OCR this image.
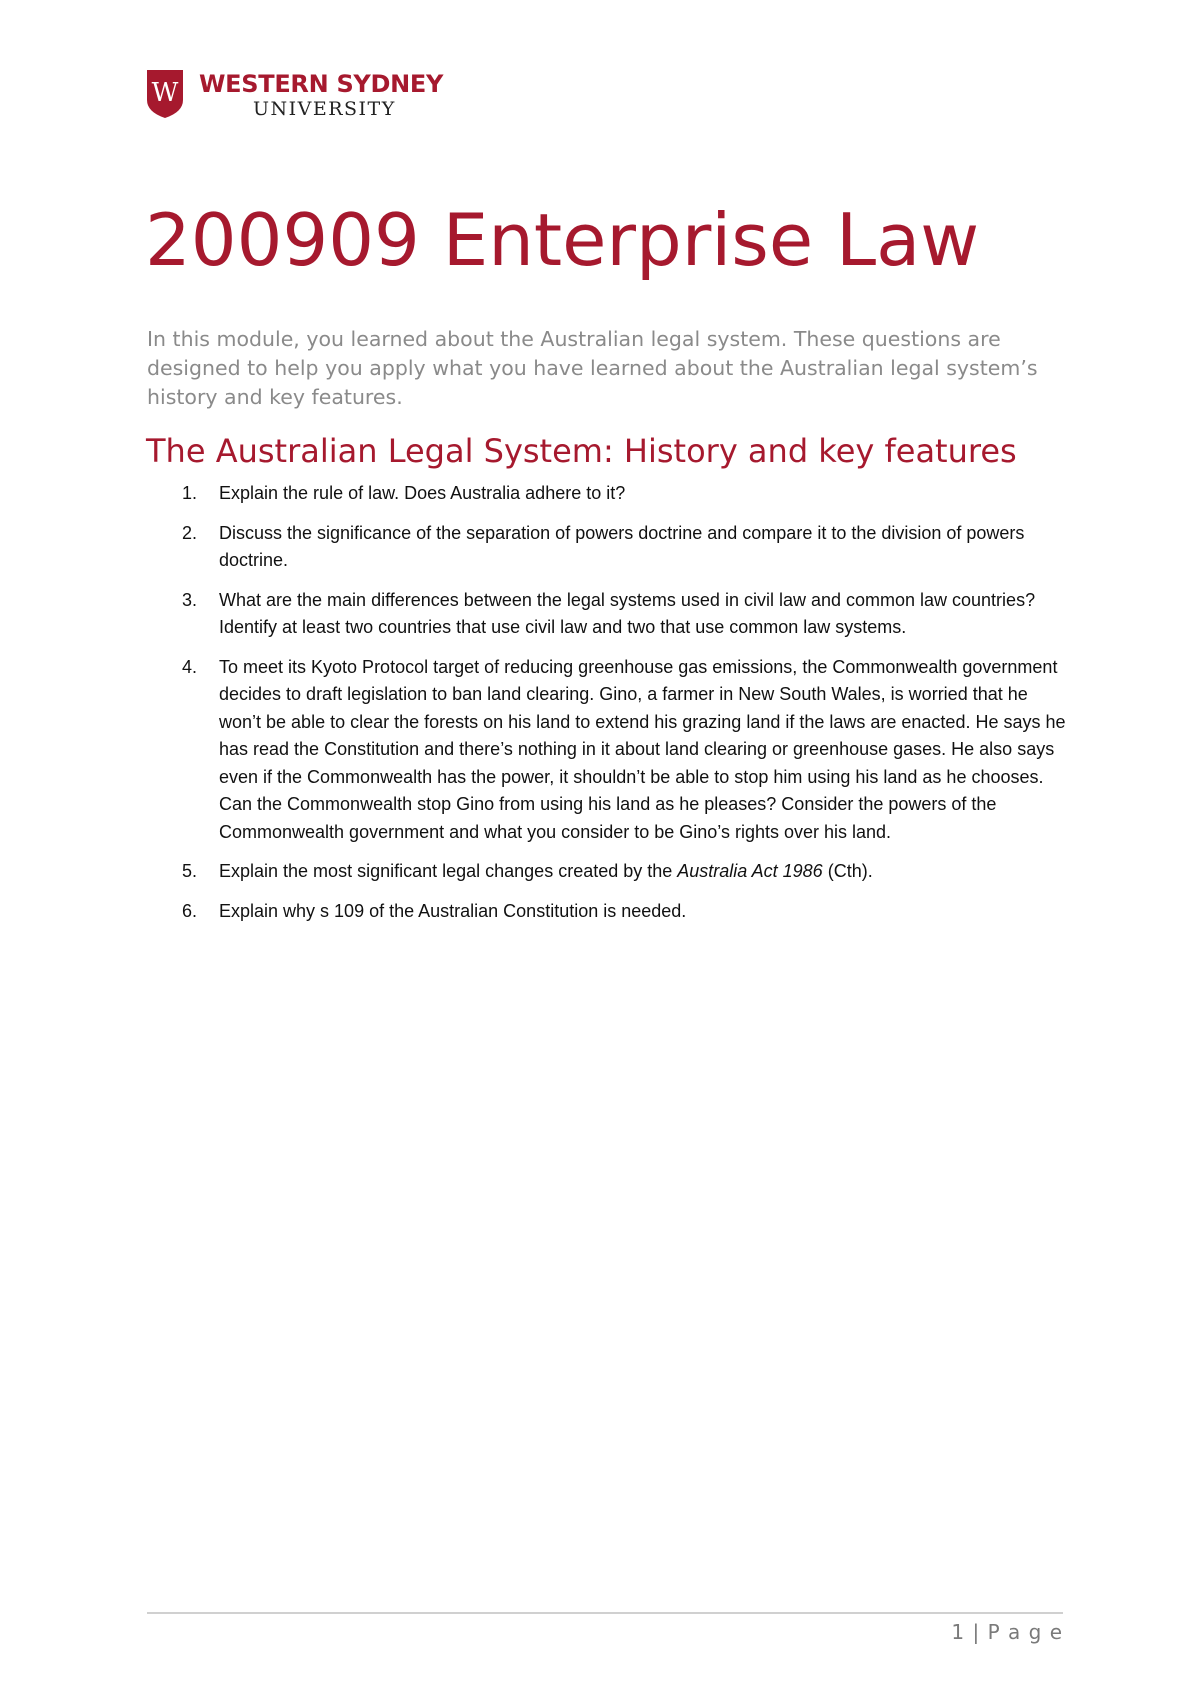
W WESTERN SYDNEY
UNIVERSITY
200909 Enterprise Law

In this module, you learned about the Australian legal system. These questions are designed to help you apply what you have learned about the Australian legal system’s history and key features.

The Australian Legal System: History and key features
1. Explain the rule of law. Does Australia adhere to it?
2. Discuss the significance of the separation of powers doctrine and compare it to the division of powers doctrine.
3. What are the main differences between the legal systems used in civil law and common law countries? Identify at least two countries that use civil law and two that use common law systems.
4. To meet its Kyoto Protocol target of reducing greenhouse gas emissions, the Commonwealth government decides to draft legislation to ban land clearing. Gino, a farmer in New South Wales, is worried that he won’t be able to clear the forests on his land to extend his grazing land if the laws are enacted. He says he has read the Constitution and there’s nothing in it about land clearing or greenhouse gases. He also says even if the Commonwealth has the power, it shouldn’t be able to stop him using his land as he chooses.
Can the Commonwealth stop Gino from using his land as he pleases? Consider the powers of the Commonwealth government and what you consider to be Gino’s rights over his land.
5. Explain the most significant legal changes created by the Australia Act 1986 (Cth).
6. Explain why s 109 of the Australian Constitution is needed.
1 | P a g e
